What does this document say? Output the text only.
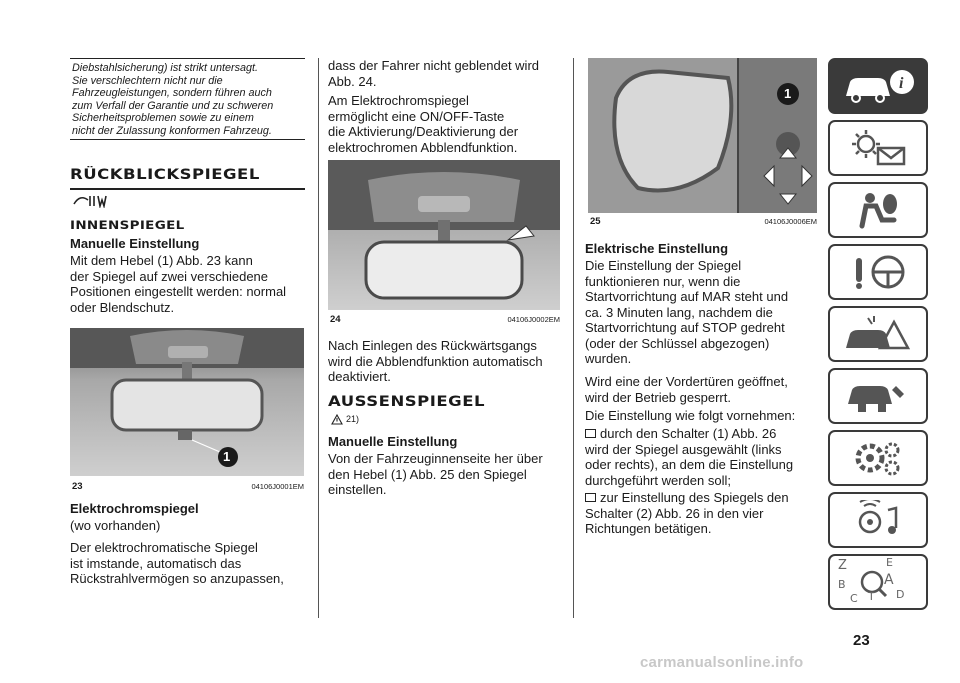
Diebstahlsicherung) ist strikt untersagt.

Sie verschlechtern nicht nur die

Fahrzeugleistungen, sondern führen auch

zum Verfall der Garantie und zu schweren

Sicherheitsproblemen sowie zu einem

nicht der Zulassung konformen Fahrzeug.

RÜCKBLICKSPIEGEL
INNENSPIEGEL
Manuelle Einstellung
Mit dem Hebel (1) Abb. 23 kann
der Spiegel auf zwei verschiedene
Positionen eingestellt werden: normal
oder Blendschutz.
1
23	04106J0001EM
Elektrochromspiegel
(wo vorhanden)
Der elektrochromatische Spiegel
ist imstande, automatisch das
Rückstrahlvermögen so anzupassen,
dass der Fahrer nicht geblendet wird
Abb. 24.
Am Elektrochromspiegel
ermöglicht eine ON/OFF-Taste
die Aktivierung/Deaktivierung der
elektrochromen Abblendfunktion.
24	04106J0002EM
Nach Einlegen des Rückwärtsgangs
wird die Abblendfunktion automatisch
deaktiviert.
AUSSENSPIEGEL
21)
Manuelle Einstellung
Von der Fahrzeuginnenseite her über
den Hebel (1) Abb. 25 den Spiegel
einstellen.
1
25	04106J0006EM
Elektrische Einstellung
Die Einstellung der Spiegel
funktionieren nur, wenn die
Startvorrichtung auf MAR steht und
ca. 3 Minuten lang, nachdem die
Startvorrichtung auf STOP gedreht
(oder der Schlüssel abgezogen)
wurden.
Wird eine der Vordertüren geöffnet,
wird der Betrieb gesperrt.
Die Einstellung wie folgt vornehmen:
durch den Schalter (1) Abb. 26
wird der Spiegel ausgewählt (links
oder rechts), an dem die Einstellung
durchgeführt werden soll;
zur Einstellung des Spiegels den
Schalter (2) Abb. 26 in den vier
Richtungen betätigen.
i
Z	E
A
B
C T D
23
carmanualsonline.info
